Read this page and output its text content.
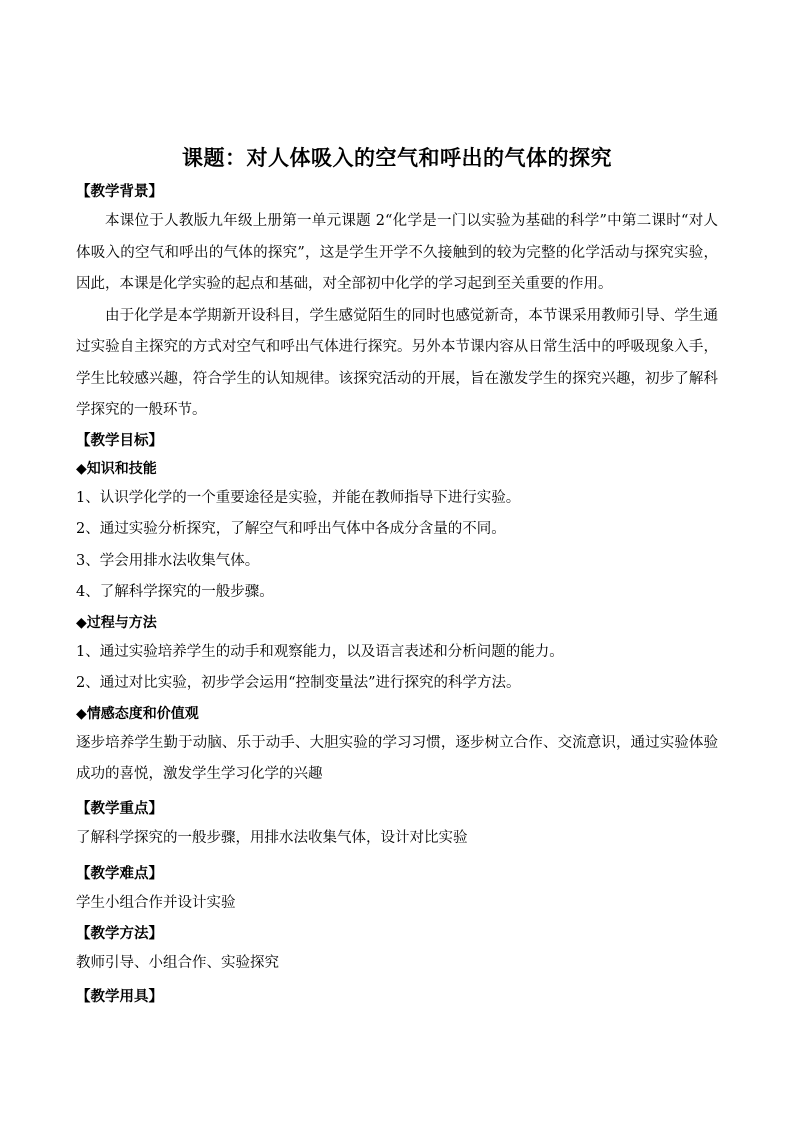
课题：对人体吸入的空气和呼出的气体的探究

【教学背景】

本课位于人教版九年级上册第一单元课题 2“化学是一门以实验为基础的科学”中第二课时“对人体吸入的空气和呼出的气体的探究”，这是学生开学不久接触到的较为完整的化学活动与探究实验，因此，本课是化学实验的起点和基础，对全部初中化学的学习起到至关重要的作用。

由于化学是本学期新开设科目，学生感觉陌生的同时也感觉新奇，本节课采用教师引导、学生通过实验自主探究的方式对空气和呼出气体进行探究。另外本节课内容从日常生活中的呼吸现象入手，学生比较感兴趣，符合学生的认知规律。该探究活动的开展，旨在激发学生的探究兴趣，初步了解科学探究的一般环节。

【教学目标】

◆知识和技能

1、认识学化学的一个重要途径是实验，并能在教师指导下进行实验。

2、通过实验分析探究，了解空气和呼出气体中各成分含量的不同。

3、学会用排水法收集气体。

4、了解科学探究的一般步骤。

◆过程与方法

1、通过实验培养学生的动手和观察能力，以及语言表述和分析问题的能力。

2、通过对比实验，初步学会运用“控制变量法”进行探究的科学方法。

◆情感态度和价值观

逐步培养学生勤于动脑、乐于动手、大胆实验的学习习惯，逐步树立合作、交流意识，通过实验体验成功的喜悦，激发学生学习化学的兴趣

【教学重点】

了解科学探究的一般步骤，用排水法收集气体，设计对比实验

【教学难点】

学生小组合作并设计实验

【教学方法】

教师引导、小组合作、实验探究

【教学用具】
